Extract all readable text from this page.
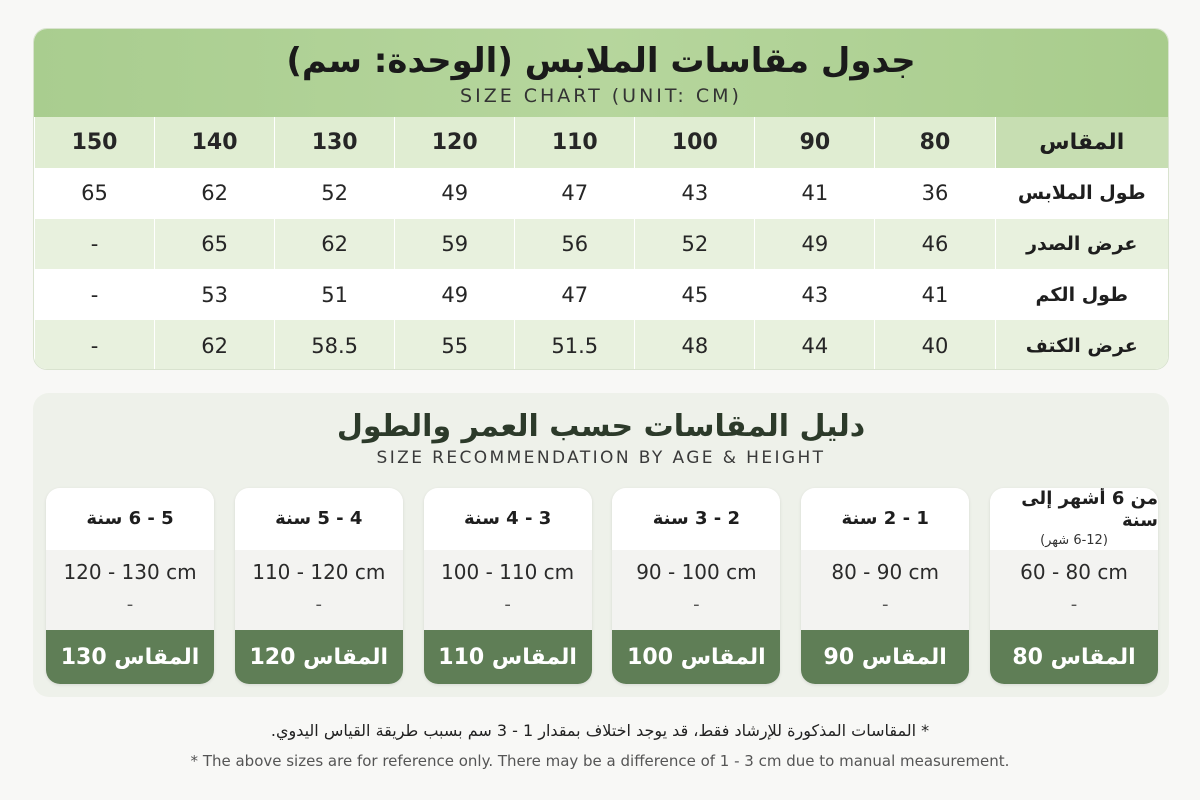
جدول مقاسات الملابس (الوحدة: سم)
SIZE CHART (UNIT: CM)
المقاس	80	90	100	110	120	130	140	150
طول الملابس	36	41	43	47	49	52	62	65
عرض الصدر	46	49	52	56	59	62	65	-
طول الكم	41	43	45	47	49	51	53	-
عرض الكتف	40	44	48	51.5	55	58.5	62	-
دليل المقاسات حسب العمر والطول
SIZE RECOMMENDATION BY AGE & HEIGHT
من 6 أشهر إلى سنة
(6-12 شهر)
60 - 80 cm
-
المقاس 80
1 - 2 سنة
80 - 90 cm
-
المقاس 90
2 - 3 سنة
90 - 100 cm
-
المقاس 100
3 - 4 سنة
100 - 110 cm
-
المقاس 110
4 - 5 سنة
110 - 120 cm
-
المقاس 120
5 - 6 سنة
120 - 130 cm
-
المقاس 130
* المقاسات المذكورة للإرشاد فقط، قد يوجد اختلاف بمقدار 1 - 3 سم بسبب طريقة القياس اليدوي.
* The above sizes are for reference only. There may be a difference of 1 - 3 cm due to manual measurement.
